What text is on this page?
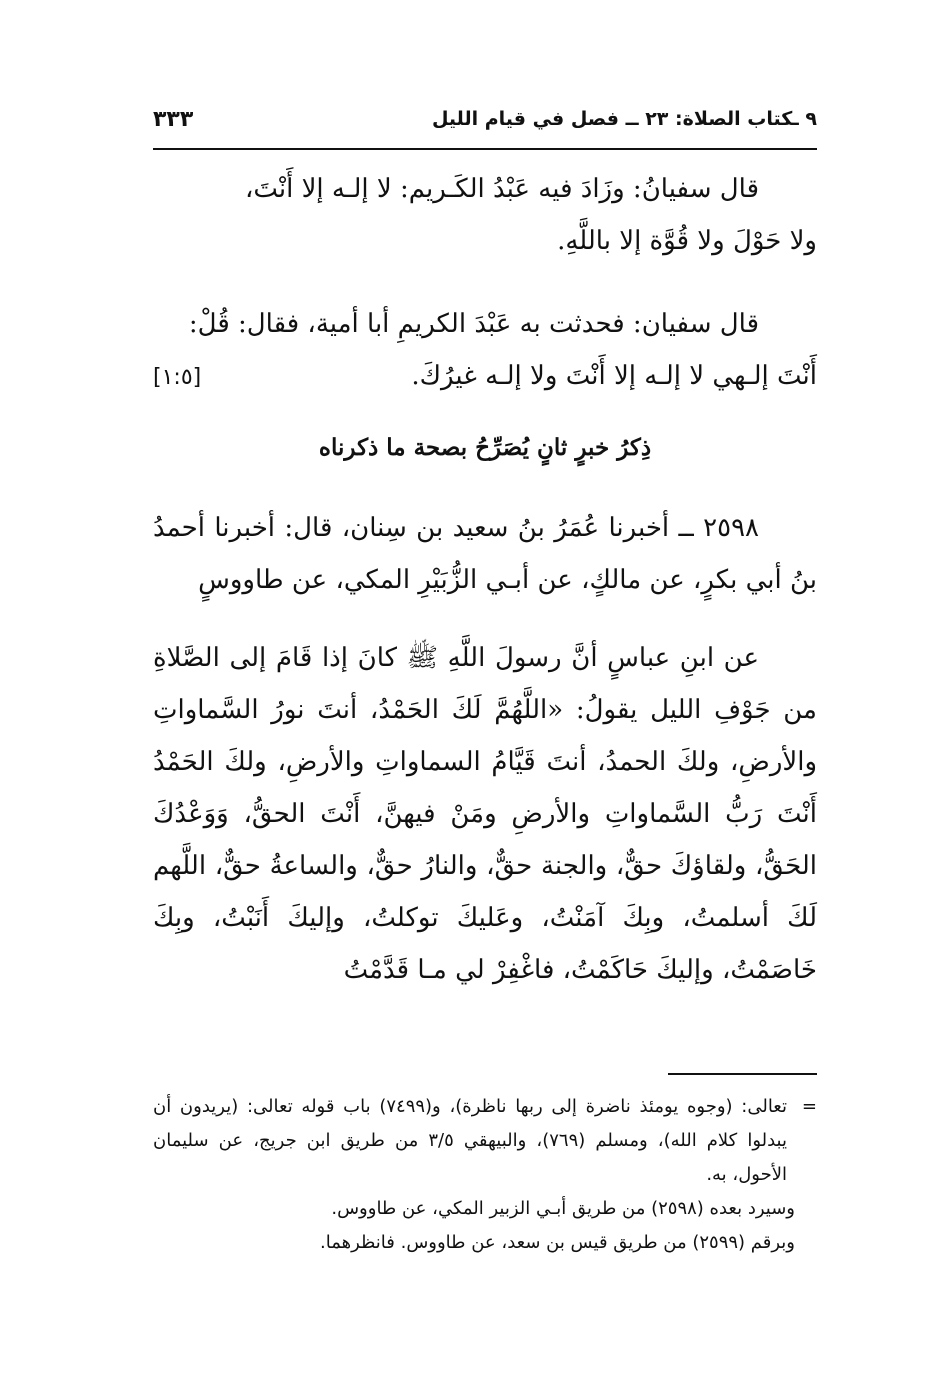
٩ ـكتاب الصلاة: ٢٣ ــ فصل في قيام الليل
٣٣٣

قال سفيانُ: وزَادَ فيه عَبْدُ الكَـريم: لا إلـه إلا أَنْتَ،

ولا حَوْلَ ولا قُوَّة إلا باللَّهِ.

قال سفيان: فحدثت به عَبْدَ الكريمِ أبا أمية، فقال: قُلْ:

أَنْتَ إلـهي لا إلـه إلا أَنْتَ ولا إلـه غيرُكَ.
[١:٥]

ذِكرُ خبرٍ ثانٍ يُصَرِّحُ بصحة ما ذكرناه

٢٥٩٨ ــ أخبرنا عُمَرُ بنُ سعيد بن سِنان، قال: أخبرنا أحمدُ بنُ أبي بكرٍ، عن مالكٍ، عن أبـي الزُّبَيْرِ المكي، عن طاووسٍ

عن ابنِ عباسٍ أنَّ رسولَ اللَّهِ ﷺ كانَ إذا قَامَ إلى الصَّلاةِ من جَوْفِ الليل يقولُ: «اللَّهُمَّ لَكَ الحَمْدُ، أنتَ نورُ السَّماواتِ والأرضِ، ولكَ الحمدُ، أنتَ قَيَّامُ السماواتِ والأرضِ، ولكَ الحَمْدُ أَنْتَ رَبُّ السَّماواتِ والأرضِ ومَنْ فيهنَّ، أَنْتَ الحقُّ، وَوَعْدُكَ الحَقُّ، ولقاؤكَ حقٌّ، والجنة حقٌّ، والنارُ حقٌّ، والساعةُ حقٌّ، اللَّهم لَكَ أسلمتُ، وبِكَ آمَنْتُ، وعَليكَ توكلتُ، وإليكَ أَنَبْتُ، وبِكَ خَاصَمْتُ، وإليكَ حَاكَمْتُ، فاغْفِرْ لي مـا قَدَّمْتُ

=
تعالى: (وجوه يومئذ ناضرة إلى ربها ناظرة)، و(٧٤٩٩) باب قوله تعالى: (يريدون أن يبدلوا كلام الله)، ومسلم (٧٦٩)، والبيهقي ٣/٥ من طريق ابن جريج، عن سليمان الأحول، به.

وسيرد بعده (٢٥٩٨) من طريق أبـي الزبير المكي، عن طاووس.

وبرقم (٢٥٩٩) من طريق قيس بن سعد، عن طاووس. فانظرهما.
